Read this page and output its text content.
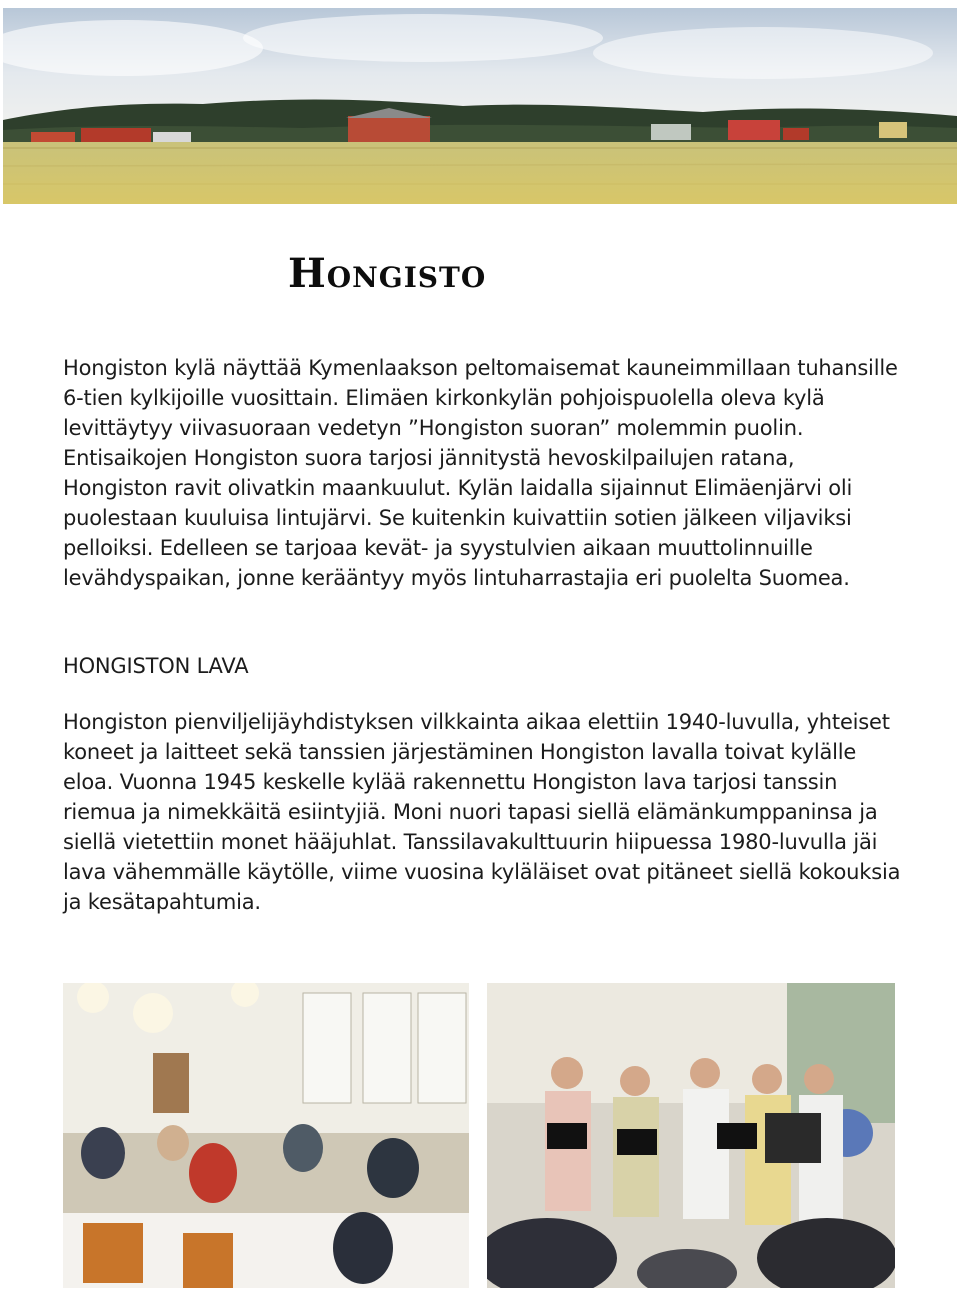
Hongisto

Hongiston kylä näyttää Kymenlaakson peltomaisemat kauneimmillaan tuhansille 6-tien kylkijoille vuosittain. Elimäen kirkonkylän pohjoispuolella oleva kylä levittäytyy viivasuoraan vedetyn ”Hongiston suoran” molemmin puolin. Entisaikojen Hongiston suora tarjosi jännitystä hevoskilpailujen ratana, Hongiston ravit olivatkin maankuulut. Kylän laidalla sijainnut Elimäenjärvi oli puolestaan kuuluisa lintujärvi. Se kuitenkin kuivattiin sotien jälkeen viljaviksi pelloiksi. Edelleen se tarjoaa kevät- ja syystulvien aikaan muuttolinnuille levähdyspaikan, jonne kerääntyy myös lintuharrastajia eri puolelta Suomea.

HONGISTON LAVA

Hongiston pienviljelijäyhdistyksen vilkkainta aikaa elettiin 1940-luvulla, yhteiset koneet ja laitteet sekä tanssien järjestäminen Hongiston lavalla toivat kylälle eloa. Vuonna 1945 keskelle kylää rakennettu Hongiston lava tarjosi tanssin riemua ja nimekkäitä esiintyjiä. Moni nuori tapasi siellä elämänkumppaninsa ja siellä vietettiin monet hääjuhlat. Tanssilavakulttuurin hiipuessa 1980-luvulla jäi lava vähemmälle käytölle, viime vuosina kyläläiset ovat pitäneet siellä kokouksia ja kesätapahtumia.
